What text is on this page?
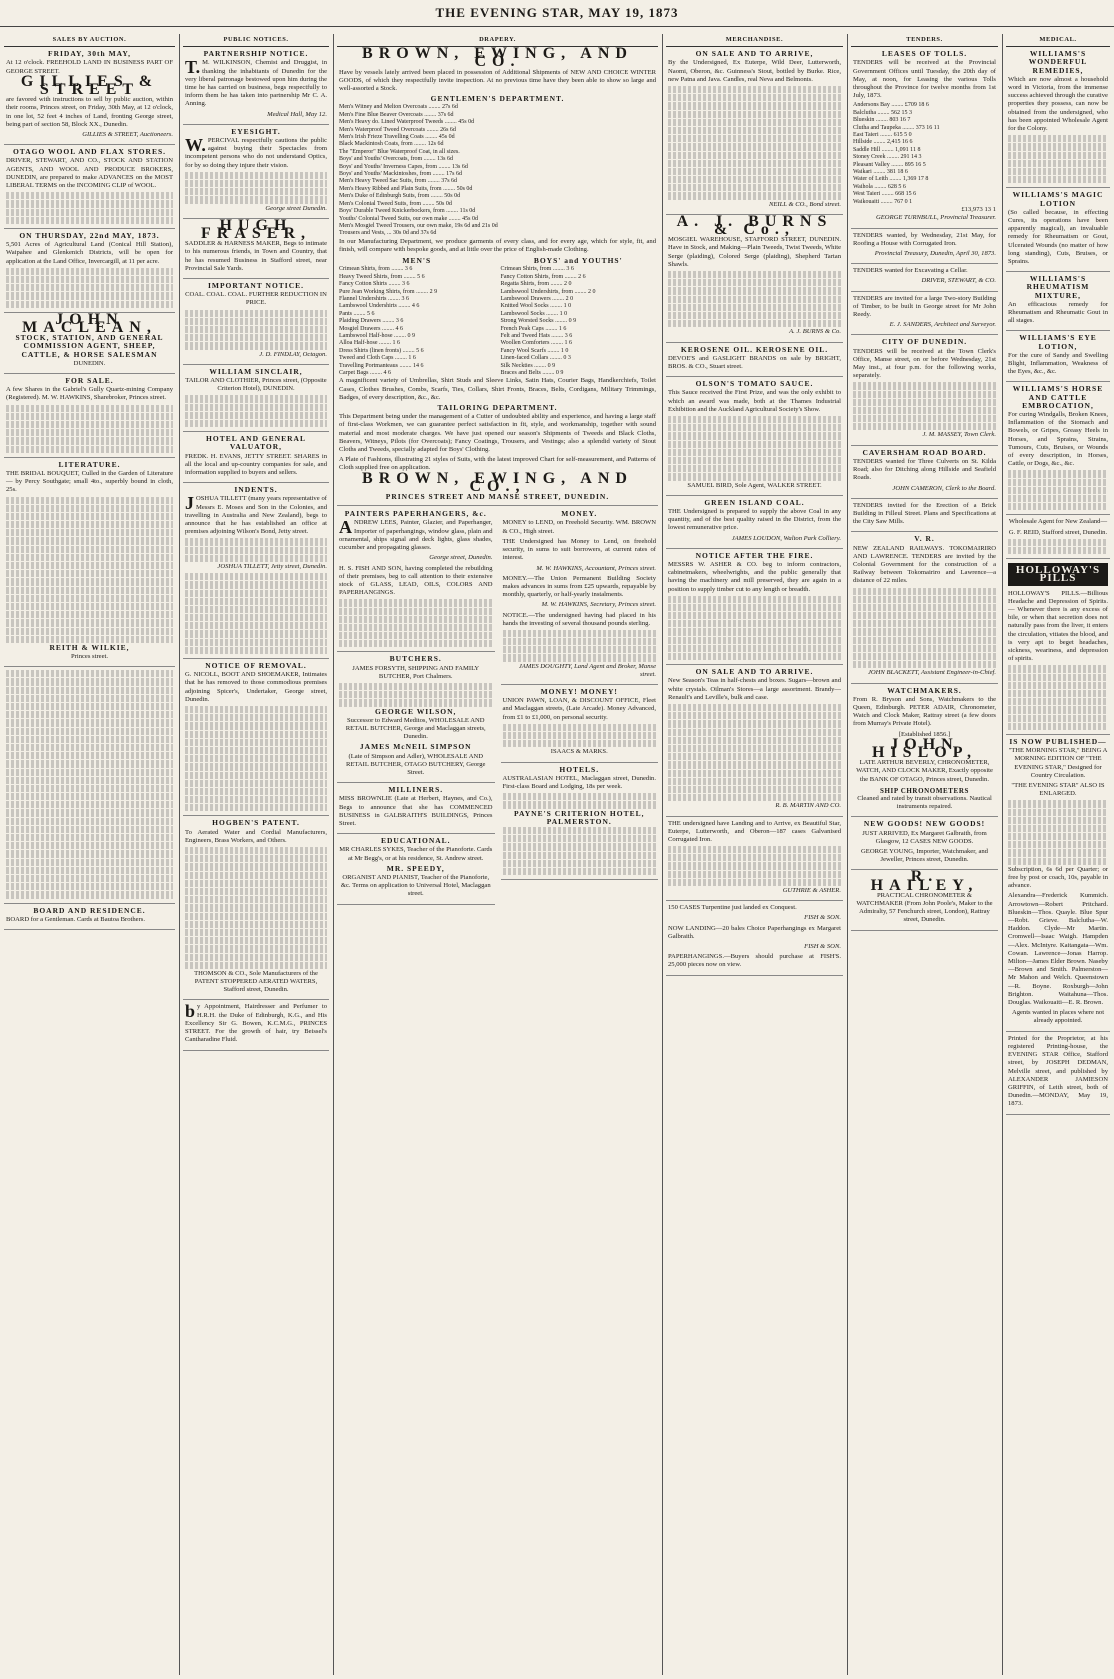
THE EVENING STAR, MAY 19, 1873
SALES BY AUCTION.
FRIDAY, 30th MAY,

At 12 o'clock. FREEHOLD LAND IN BUSINESS PART OF GEORGE STREET.

GILLIES & STREET

are favored with instructions to sell by public auction, within their rooms, Princes street, on Friday, 30th May, at 12 o'clock, in one lot, 52 feet 4 inches of Land, fronting George street, being part of section 58, Block XX., Dunedin.

GILLIES & STREET, Auctioneers.

OTAGO WOOL AND FLAX STORES.

DRIVER, STEWART, AND CO., STOCK AND STATION AGENTS, AND WOOL AND PRODUCE BROKERS, DUNEDIN, are prepared to make ADVANCES on the MOST LIBERAL TERMS on the INCOMING CLIP of WOOL.

ON THURSDAY, 22nd MAY, 1873.

5,501 Acres of Agricultural Land (Conical Hill Station), Waipahee and Glenkenich Districts, will be open for application at the Land Office, Invercargill, at 11 per acre.

JOHN MACLEAN,
STOCK, STATION, AND GENERAL COMMISSION AGENT, SHEEP, CATTLE, & HORSE SALESMAN

DUNEDIN.

FOR SALE.

A few Shares in the Gabriel's Gully Quartz-mining Company (Registered). M. W. HAWKINS, Sharebroker, Princes street.

LITERATURE.

THE BRIDAL BOUQUET, Culled in the Garden of Literature — by Percy Southgate; small 4to., superbly bound in cloth, 25s.

REITH & WILKIE,

Princes street.

BOARD AND RESIDENCE.

BOARD for a Gentleman. Cards at Bautoa Brothers.

PUBLIC NOTICES.
PARTNERSHIP NOTICE.

T.M. WILKINSON, Chemist and Druggist, in thanking the inhabitants of Dunedin for the very liberal patronage bestowed upon him during the time he has carried on business, begs respectfully to inform them he has taken into partnership Mr C. A. Anning.

Medical Hall, May 12.

EYESIGHT.

W.PERCIVAL respectfully cautions the public against buying their Spectacles from incompetent persons who do not understand Optics, for by so doing they injure their vision.

George street Dunedin.

HUGH FRASER,

SADDLER & HARNESS MAKER, Begs to intimate to his numerous friends, in Town and Country, that he has resumed Business in Stafford street, near Provincial Sale Yards.

IMPORTANT NOTICE.

COAL. COAL. COAL. FURTHER REDUCTION IN PRICE.

J. D. FINDLAY, Octagon.

WILLIAM SINCLAIR,

TAILOR AND CLOTHIER, Princes street, (Opposite Criterion Hotel), DUNEDIN.

HOTEL AND GENERAL VALUATOR,

FREDK. H. EVANS, JETTY STREET. SHARES in all the local and up-country companies for sale, and information supplied to buyers and sellers.

INDENTS.

JOSHUA TILLETT (many years representative of Messrs E. Moses and Son in the Colonies, and travelling in Australia and New Zealand), begs to announce that he has established an office at premises adjoining Wilson's Bond, Jetty street.

JOSHUA TILLETT, Jetty street, Dunedin.

NOTICE OF REMOVAL.

G. NICOLL, BOOT AND SHOEMAKER, Intimates that he has removed to those commodious premises adjoining Spicer's, Undertaker, George street, Dunedin.

HOGBEN'S PATENT.

To Aerated Water and Cordial Manufacturers, Engineers, Brass Workers, and Others.

THOMSON & CO., Sole Manufacturers of the PATENT STOPPERED AERATED WATERS, Stafford street, Dunedin.

by Appointment, Hairdresser and Perfumer to H.R.H. the Duke of Edinburgh, K.G., and His Excellency Sir G. Bowen, K.C.M.G., PRINCES STREET. For the growth of hair, try Beissel's Cantharadine Fluid.

DRAPERY.
BROWN, EWING, AND CO.

Have by vessels lately arrived been placed in possession of Additional Shipments of NEW AND CHOICE WINTER GOODS, of which they respectfully invite inspection. At no previous time have they been able to show so large and well-assorted a Stock.

GENTLEMEN'S DEPARTMENT.
Men's Witney and Melton Overcoats ........ 27s 6d
Men's Fine Blue Beaver Overcoats ........ 37s 6d
Men's Heavy do. Lined Waterproof Tweeds ........ 45s 0d
Men's Waterproof Tweed Overcoats ........ 26s 6d
Men's Irish Frieze Travelling Coats ........ 45s 0d
Black Mackintosh Coats, from ........ 12s 6d
The "Emperor" Blue Waterproof Coat, in all sizes.
Boys' and Youths' Overcoats, from ........ 13s 6d
Boys' and Youths' Inverness Capes, from ........ 13s 6d
Boys' and Youths' Mackintoshes, from ........ 17s 6d
Men's Heavy Tweed Sac Suits, from ........ 37s 6d
Men's Heavy Ribbed and Plain Suits, from ........ 50s 0d
Men's Duke of Edinburgh Suits, from ........ 50s 0d
Men's Colonial Tweed Suits, from ........ 50s 0d
Boys' Durable Tweed Knickerbockers, from ........ 11s 0d
Youths' Colonial Tweed Suits, our own make ........ 45s 0d
Men's Mosgiel Tweed Trousers, our own make, 19s 6d and 21s 0d
Trousers and Vests, ... 30s 0d and 37s 6d

In our Manufacturing Department, we produce garments of every class, and for every age, which for style, fit, and finish, will compare with bespoke goods, and at little over the price of English-made Clothing.

MEN'S
Crimean Shirts, from ........ 3 6
Heavy Tweed Shirts, from ........ 5 6
Fancy Cotton Shirts ........ 3 6
Pure Jean Working Shirts, from ........ 2 9
Flannel Undershirts ........ 3 6
Lambswool Undershirts ........ 4 6
Pants ........ 5 6
Plaiding Drawers ........ 3 6
Mosgiel Drawers ........ 4 6
Lambswool Half-hose ........ 0 9
Alloa Half-hose ........ 1 6
Dress Shirts (linen fronts) ........ 5 6
Tweed and Cloth Caps ........ 1 6
Travelling Portmanteaus ........ 14 6
Carpet Bags ........ 4 6
BOYS' and YOUTHS'
Crimean Shirts, from ........ 3 6
Fancy Cotton Shirts, from ........ 2 6
Regatta Shirts, from ........ 2 0
Lambswool Undershirts, from ........ 2 0
Lambswool Drawers ........ 2 0
Knitted Wool Socks ........ 1 0
Lambswool Socks ........ 1 0
Strong Worsted Socks ........ 0 9
French Peak Caps ........ 1 6
Felt and Tweed Hats ........ 3 6
Woollen Comforters ........ 1 6
Fancy Wool Scarfs ........ 1 0
Linen-faced Collars ........ 0 3
Silk Neckties ........ 0 9
Braces and Belts ........ 0 9

A magnificent variety of Umbrellas, Shirt Studs and Sleeve Links, Satin Hats, Courier Bags, Handkerchiefs, Toilet Cases, Clothes Brushes, Combs, Scarfs, Ties, Collars, Shirt Fronts, Braces, Belts, Cordigans, Military Trimmings, Badges, of every description, &c., &c.

TAILORING DEPARTMENT.

This Department being under the management of a Cutter of undoubted ability and experience, and having a large staff of first-class Workmen, we can guarantee perfect satisfaction in fit, style, and workmanship, together with sound material and most moderate charges. We have just opened our season's Shipments of Tweeds and Black Cloths, Beavers, Witneys, Pilots (for Overcoats); Fancy Coatings, Trousers, and Vestings; also a splendid variety of Stout Cloths and Tweeds, specially adapted for Boys' Clothing.

A Plate of Fashions, illustrating 21 styles of Suits, with the latest improved Chart for self-measurement, and Patterns of Cloth supplied free on application.

BROWN, EWING, AND CO.,
PRINCES STREET AND MANSE STREET, DUNEDIN.
PAINTERS PAPERHANGERS, &c.

ANDREW LEES, Painter, Glazier, and Paperhanger, Importer of paperhangings, window glass, plain and ornamental, ships signal and deck lights, glass shades, cucumber and propagating glasses.

George street, Dunedin.

H. S. FISH AND SON, having completed the rebuilding of their premises, beg to call attention to their extensive stock of GLASS, LEAD, OILS, COLORS AND PAPERHANGINGS.

BUTCHERS.

JAMES FORSYTH, SHIPPING AND FAMILY BUTCHER, Port Chalmers.

GEORGE WILSON,

Successor to Edward Meditos, WHOLESALE AND RETAIL BUTCHER, George and Maclaggan streets, Dunedin.

JAMES McNEIL SIMPSON

(Late of Simpson and Adler), WHOLESALE AND RETAIL BUTCHER, OTAGO BUTCHERY, George Street.

MILLINERS.

MISS BROWNLIE (Late at Herbert, Haynes, and Co.), Begs to announce that she has COMMENCED BUSINESS in GALBRAITH'S BUILDINGS, Princes Street.

EDUCATIONAL.

MR CHARLES SYKES, Teacher of the Pianoforte. Cards at Mr Begg's, or at his residence, St. Andrew street.

MR. SPEEDY,

ORGANIST AND PIANIST, Teacher of the Pianoforte, &c. Terms on application to Universal Hotel, Maclaggan street.

MONEY.

MONEY to LEND, on Freehold Security. WM. BROWN & CO., High street.

THE Undersigned has Money to Lend, on freehold security, in sums to suit borrowers, at current rates of interest.

M. W. HAWKINS, Accountant, Princes street.

MONEY.—The Union Permanent Building Society makes advances in sums from £25 upwards, repayable by monthly, quarterly, or half-yearly instalments.

M. W. HAWKINS, Secretary, Princes street.

NOTICE.—The undersigned having had placed in his hands the investing of several thousand pounds sterling.

JAMES DOUGHTY, Land Agent and Broker, Manse street.

MONEY! MONEY!

UNION PAWN, LOAN, & DISCOUNT OFFICE, Fleet and Maclaggan streets, (Late Arcade). Money Advanced, from £1 to £1,000, on personal security.

ISAACS & MARKS.

HOTELS.

AUSTRALASIAN HOTEL, Maclaggan street, Dunedin. First-class Board and Lodging, 18s per week.

PAYNE'S CRITERION HOTEL, PALMERSTON.
MERCHANDISE.
ON SALE AND TO ARRIVE,

By the Undersigned, Ex Euterpe, Wild Deer, Lutterworth, Naomi, Oberon, &c. Guinness's Stout, bottled by Burke. Rice, new Patna and Java. Candles, real Neva and Belmonts.

NEILL & CO., Bond street.

A. J. BURNS & Co.,

MOSGIEL WAREHOUSE, STAFFORD STREET, DUNEDIN. Have in Stock, and Making—Plain Tweeds, Twist Tweeds, White Serge (plaiding), Colored Serge (plaiding), Shepherd Tartan Shawls.

A. J. BURNS & Co.

KEROSENE OIL. KEROSENE OIL.

DEVOE'S and GASLIGHT BRANDS on sale by BRIGHT, BROS. & CO., Stuart street.

OLSON'S TOMATO SAUCE.

This Sauce received the First Prize, and was the only exhibit to which an award was made, both at the Thames Industrial Exhibition and the Auckland Agricultural Society's Show.

SAMUEL BIRD, Sole Agent, WALKER STREET.

GREEN ISLAND COAL.

THE Undersigned is prepared to supply the above Coal in any quantity, and of the best quality raised in the District, from the lowest remunerative price.

JAMES LOUDON, Walton Park Colliery.

NOTICE AFTER THE FIRE.

MESSRS W. ASHER & CO. beg to inform contractors, cabinetmakers, wheelwrights, and the public generally that having the machinery and mill preserved, they are again in a position to supply timber cut to any length or breadth.

ON SALE AND TO ARRIVE.

New Season's Teas in half-chests and boxes. Sugars—brown and white crystals. Oilman's Stores—a large assortment. Brandy—Renault's and Leville's, bulk and case.

R. B. MARTIN AND CO.

THE undersigned have Landing and to Arrive, ex Beautiful Star, Euterpe, Lutterworth, and Oberon—187 cases Galvanised Corrugated Iron.

GUTHRIE & ASHER.

150 CASES Turpentine just landed ex Conquest.

FISH & SON.

NOW LANDING—20 bales Choice Paperhangings ex Margaret Galbraith.

FISH & SON.

PAPERHANGINGS.—Buyers should purchase at FISH'S. 25,000 pieces now on view.

TENDERS.
LEASES OF TOLLS.

TENDERS will be received at the Provincial Government Offices until Tuesday, the 20th day of May, at noon, for Leasing the various Tolls throughout the Province for twelve months from 1st July, 1873.

Andersons Bay ........ £709 18 6
Balclutha ........ 562 15 3
Blueskin ........ 803 16 7
Clutha and Taupeka ........ 373 16 11
East Taieri ........ 615 5 0
Hillside ........ 2,415 16 6
Saddle Hill ........ 1,091 11 8
Stoney Creek ........ 291 14 3
Pleasant Valley ........ 895 16 5
Waikari ........ 381 18 6
Water of Leith ........ 1,369 17 8
Waihola ........ 628 5 6
West Taieri ........ 668 15 6
Waikouaiti ........ 767 0 1
£13,973 13 1

GEORGE TURNBULL, Provincial Treasurer.

TENDERS wanted, by Wednesday, 21st May, for Roofing a House with Corrugated Iron.

Provincial Treasury, Dunedin, April 30, 1873.

TENDERS wanted for Excavating a Cellar.

DRIVER, STEWART, & CO.

TENDERS are invited for a large Two-story Building of Timber, to be built in George street for Mr John Reedy.

E. J. SANDERS, Architect and Surveyor.

CITY OF DUNEDIN.

TENDERS will be received at the Town Clerk's Office, Manse street, on or before Wednesday, 21st May inst., at four p.m. for the following works, separately.

J. M. MASSEY, Town Clerk.

CAVERSHAM ROAD BOARD.

TENDERS wanted for Three Culverts on St. Kilda Road; also for Ditching along Hillside and Seafield Roads.

JOHN CAMERON, Clerk to the Board.

TENDERS invited for the Erection of a Brick Building in Filleul Street. Plans and Specifications at the City Saw Mills.

V. R.

NEW ZEALAND RAILWAYS. TOKOMAIRIRO AND LAWRENCE. TENDERS are invited by the Colonial Government for the construction of a Railway between Tokomairiro and Lawrence—a distance of 22 miles.

JOHN BLACKETT, Assistant Engineer-in-Chief.

WATCHMAKERS.

From R. Bryson and Sons, Watchmakers to the Queen, Edinburgh. PETER ADAIR, Chronometer, Watch and Clock Maker, Rattray street (a few doors from Murray's Private Hotel).

[Established 1856.]

JOHN HISLOP,

LATE ARTHUR BEVERLY, CHRONOMETER, WATCH, AND CLOCK MAKER, Exactly opposite the BANK OF OTAGO, Princes street, Dunedin.

SHIP CHRONOMETERS

Cleaned and rated by transit observations. Nautical instruments repaired.

NEW GOODS! NEW GOODS!

JUST ARRIVED, Ex Margaret Galbraith, from Glasgow, 12 CASES NEW GOODS.

GEORGE YOUNG, Importer, Watchmaker, and Jeweller, Princes street, Dunedin.

R. HAILEY,

PRACTICAL CHRONOMETER & WATCHMAKER (From John Poole's, Maker to the Admiralty, 57 Fenchurch street, London), Rattray street, Dunedin.

MEDICAL.
WILLIAMS'S WONDERFUL REMEDIES,

Which are now almost a household word in Victoria, from the immense success achieved through the curative properties they possess, can now be obtained from the undersigned, who has been appointed Wholesale Agent for the Colony.

WILLIAMS'S MAGIC LOTION

(So called because, in effecting Cures, its operations have been apparently magical), an invaluable remedy for Rheumatism or Gout, Ulcerated Wounds (no matter of how long standing), Cuts, Bruises, or Sprains.

WILLIAMS'S RHEUMATISM MIXTURE,

An efficacious remedy for Rheumatism and Rheumatic Gout in all stages.

WILLIAMS'S EYE LOTION,

For the cure of Sandy and Swelling Blight, Inflammation, Weakness of the Eyes, &c., &c.

WILLIAMS'S HORSE AND CATTLE EMBROCATION,

For curing Windgalls, Broken Knees, Inflammation of the Stomach and Bowels, or Gripes, Greasy Heels in Horses, and Sprains, Strains, Tumours, Cuts, Bruises, or Wounds of every description, in Horses, Cattle, or Dogs, &c., &c.

Wholesale Agent for New Zealand—

G. F. REID, Stafford street, Dunedin.

HOLLOWAY'S PILLS

HOLLOWAY'S PILLS.—Billious Headache and Depression of Spirits.— Whenever there is any excess of bile, or when that secretion does not naturally pass from the liver, it enters the circulation, vitiates the blood, and is very apt to beget headaches, sickness, weariness, and depression of spirits.

IS NOW PUBLISHED—

"THE MORNING STAR," BEING A MORNING EDITION OF "THE EVENING STAR," Designed for Country Circulation.

"THE EVENING STAR" ALSO IS ENLARGED.

Subscription, 6s 6d per Quarter; or free by post or coach, 10s, payable in advance.

Alexandra—Frederick Kummich. Arrowtown—Robert Pritchard. Blueskin—Thos. Quayle. Blue Spur—Robt. Grieve. Balclutha—W. Haddon. Clyde—Mr Martin. Cromwell—Isaac Waigh. Hampden—Alex. McIntyre. Kaitangata—Wm. Cowan. Lawrence—Jonas Harrop. Milton—James Elder Brown. Naseby—Brown and Smith. Palmerston—Mr Mahon and Welch. Queenstown—R. Boyne. Roxburgh—John Brighton. Waitahuna—Thos. Douglas. Waikouaiti—E. R. Brown.

Agents wanted in places where not already appointed.

Printed for the Proprietor, at his registered Printing-house, the EVENING STAR Office, Stafford street, by JOSEPH DEDMAN, Melville street, and published by ALEXANDER JAMIESON GRIFFIN, of Leith street, both of Dunedin.—MONDAY, May 19, 1873.
